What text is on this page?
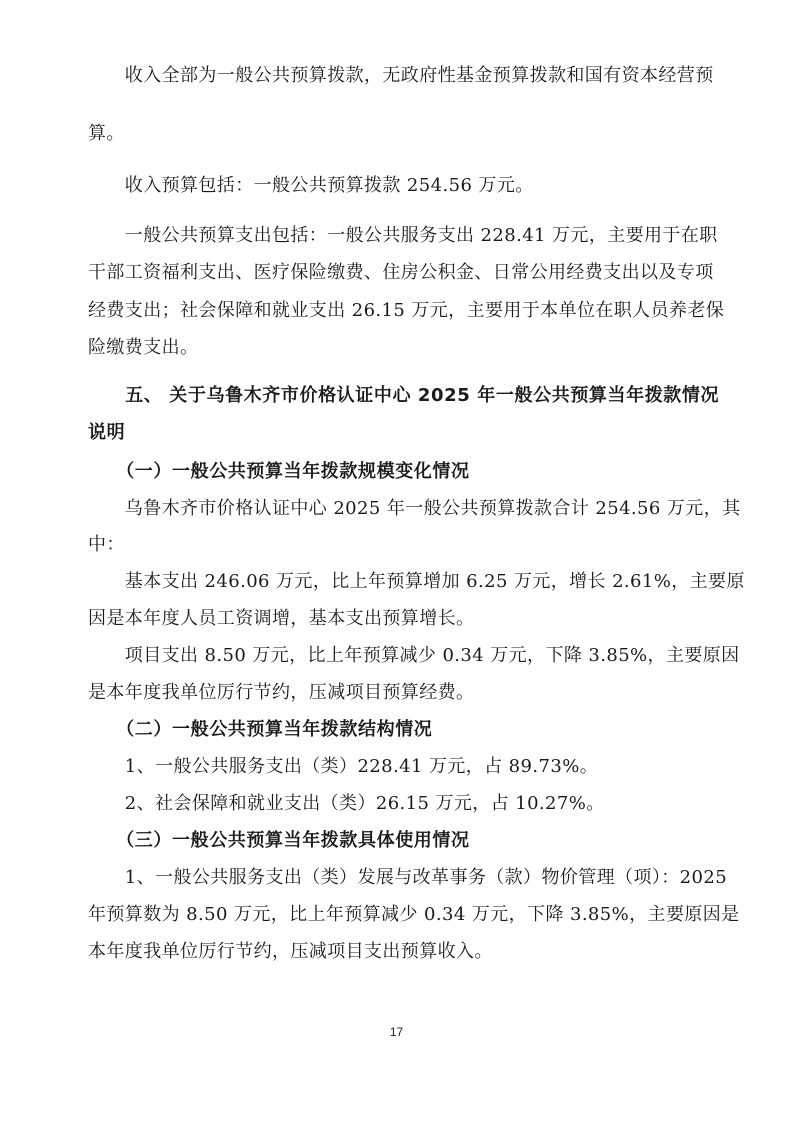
　　收入全部为一般公共预算拨款，无政府性基金预算拨款和国有资本经营预
算。
　　收入预算包括：一般公共预算拨款 254.56 万元。
　　一般公共预算支出包括：一般公共服务支出 228.41 万元，主要用于在职
干部工资福利支出、医疗保险缴费、住房公积金、日常公用经费支出以及专项
经费支出；社会保障和就业支出 26.15 万元，主要用于本单位在职人员养老保
险缴费支出。
　　五、 关于乌鲁木齐市价格认证中心 2025 年一般公共预算当年拨款情况
说明
　　（一）一般公共预算当年拨款规模变化情况
　　乌鲁木齐市价格认证中心 2025 年一般公共预算拨款合计 254.56 万元，其
中：
　　基本支出 246.06 万元，比上年预算增加 6.25 万元，增长 2.61%，主要原
因是本年度人员工资调增，基本支出预算增长。
　　项目支出 8.50 万元，比上年预算减少 0.34 万元，下降 3.85%，主要原因
是本年度我单位厉行节约，压减项目预算经费。
　　（二）一般公共预算当年拨款结构情况
　　1、一般公共服务支出（类）228.41 万元，占 89.73%。
　　2、社会保障和就业支出（类）26.15 万元，占 10.27%。
　　（三）一般公共预算当年拨款具体使用情况
　　1、一般公共服务支出（类）发展与改革事务（款）物价管理（项）：2025
年预算数为 8.50 万元，比上年预算减少 0.34 万元，下降 3.85%，主要原因是
本年度我单位厉行节约，压减项目支出预算收入。
17
